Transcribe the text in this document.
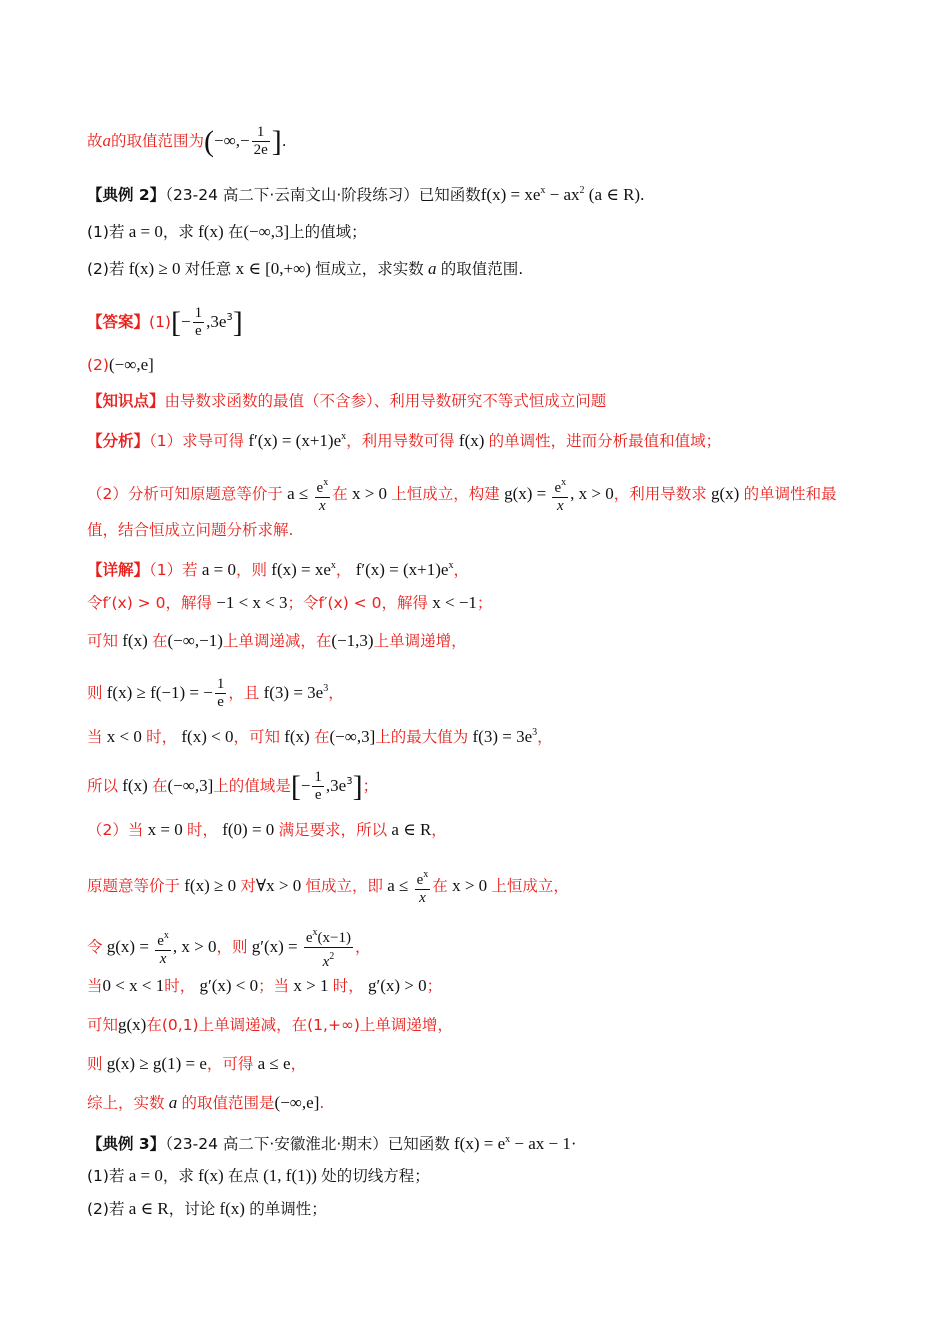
故a的取值范围为(−∞,− $\frac{1}{2e}$ ].
【典例 2】（23-24 高二下·云南文山·阶段练习）已知函数$f(x) = xe^x - ax^2$ (a ∈ R).
(1)若 a = 0，求 f(x) 在(−∞,3]上的值域；
(2)若 f(x) ≥ 0 对任意 x ∈ [0,+∞) 恒成立，求实数 a 的取值范围.
【答案】$(1)[- \frac{1}{e} ,3e^3]$
(2)(−∞,e]
【知识点】由导数求函数的最值（不含参）、利用导数研究不等式恒成立问题
【分析】（1）求导可得 $f'(x) = (x+1)e^x$，利用导数可得 f(x) 的单调性，进而分析最值和值域；
（2）分析可知原题意等价于 $a \le \frac{e^x}{x}$ 在 x > 0 上恒成立，构建 $g(x) = \frac{e^x}{x}$ , x > 0，利用导数求 g(x) 的单调性和最
值，结合恒成立问题分析求解.
【详解】（1）若 a = 0，则 $f(x) = xe^x$， $f'(x) = (x+1)e^x$，
令f′(x) > 0，解得 −1 < x < 3；令f′(x) < 0，解得 x < −1；
可知 f(x) 在(−∞,−1)上单调递减，在(−1,3)上单调递增，
则 f(x) ≥ f(−1) = − $\frac{1}{e}$ ，且 $f(3) = 3e^3$，
当 x < 0 时， f(x) < 0，可知 f(x) 在(−∞,3]上的最大值为 $f(3) = 3e^3$，
所以 f(x) 在(−∞,3]上的值域是[− $\frac{1}{e} ,3e^3$]；
（2）当 x = 0 时， f(0) = 0 满足要求，所以 a ∈ R，
原题意等价于 f(x) ≥ 0 对∀x > 0 恒成立，即 $a \le \frac{e^x}{x}$ 在 x > 0 上恒成立，
令 $g(x) = \frac{e^x}{x}$ , x > 0，则 $g'(x) = \frac{e^x(x-1)}{x^2}$ ，
当0 < x < 1时， g′(x) < 0；当 x > 1 时， g′(x) > 0；
可知g(x)在(0,1)上单调递减，在(1,+∞)上单调递增，
则 g(x) ≥ g(1) = e，可得 a ≤ e，
综上，实数 a 的取值范围是(−∞,e].
【典例 3】（23-24 高二下·安徽淮北·期末）已知函数 $f(x) = e^x$ − ax − 1·
(1)若 a = 0，求 f(x) 在点 (1, f(1)) 处的切线方程；
(2)若 a ∈ R，讨论 f(x) 的单调性；
